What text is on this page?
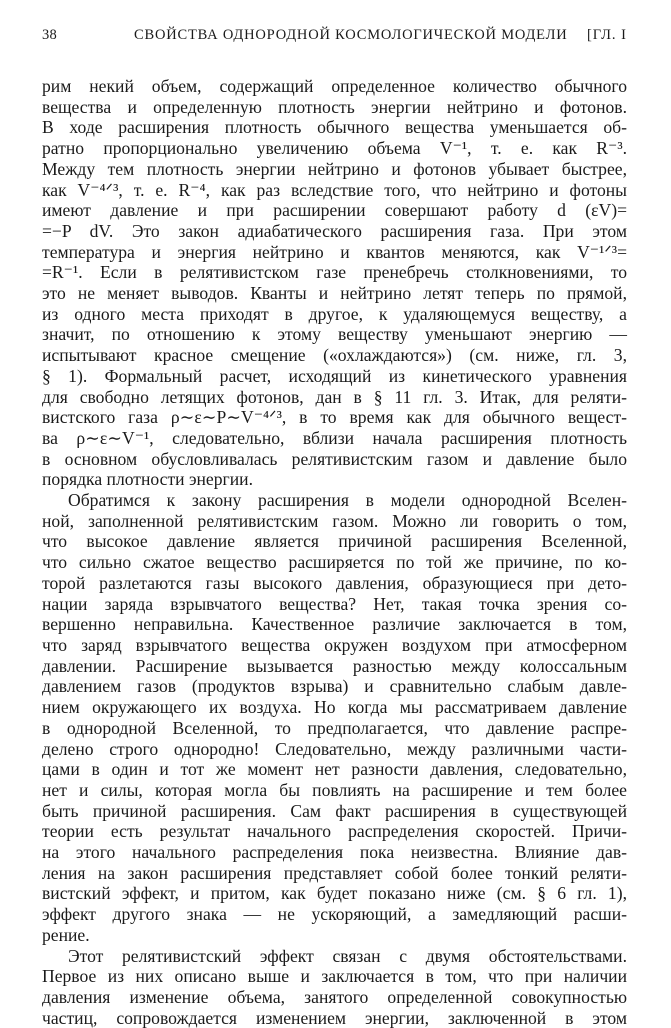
38	СВОЙСТВА ОДНОРОДНОЙ КОСМОЛОГИЧЕСКОЙ МОДЕЛИ [ГЛ. I
рим некий объем, содержащий определенное количество обычного
вещества и определенную плотность энергии нейтрино и фотонов.
В ходе расширения плотность обычного вещества уменьшается об-
ратно пропорционально увеличению объема V⁻¹, т. е. как R⁻³.
Между тем плотность энергии нейтрино и фотонов убывает быстрее,
как V⁻⁴ᐟ³, т. е. R⁻⁴, как раз вследствие того, что нейтрино и фотоны
имеют давление и при расширении совершают работу d (εV)=
=−P dV. Это закон адиабатического расширения газа. При этом
температура и энергия нейтрино и квантов меняются, как V⁻¹ᐟ³=
=R⁻¹. Если в релятивистском газе пренебречь столкновениями, то
это не меняет выводов. Кванты и нейтрино летят теперь по прямой,
из одного места приходят в другое, к удаляющемуся веществу, а
значит, по отношению к этому веществу уменьшают энергию —
испытывают красное смещение («охлаждаются») (см. ниже, гл. 3,
§ 1). Формальный расчет, исходящий из кинетического уравнения
для свободно летящих фотонов, дан в § 11 гл. 3. Итак, для реляти-
вистского газа ρ∼ε∼P∼V⁻⁴ᐟ³, в то время как для обычного вещест-
ва ρ∼ε∼V⁻¹, следовательно, вблизи начала расширения плотность
в основном обусловливалась релятивистским газом и давление было
порядка плотности энергии.
Обратимся к закону расширения в модели однородной Вселен-
ной, заполненной релятивистским газом. Можно ли говорить о том,
что высокое давление является причиной расширения Вселенной,
что сильно сжатое вещество расширяется по той же причине, по ко-
торой разлетаются газы высокого давления, образующиеся при дето-
нации заряда взрывчатого вещества? Нет, такая точка зрения со-
вершенно неправильна. Качественное различие заключается в том,
что заряд взрывчатого вещества окружен воздухом при атмосферном
давлении. Расширение вызывается разностью между колоссальным
давлением газов (продуктов взрыва) и сравнительно слабым давле-
нием окружающего их воздуха. Но когда мы рассматриваем давление
в однородной Вселенной, то предполагается, что давление распре-
делено строго однородно! Следовательно, между различными части-
цами в один и тот же момент нет разности давления, следовательно,
нет и силы, которая могла бы повлиять на расширение и тем более
быть причиной расширения. Сам факт расширения в существующей
теории есть результат начального распределения скоростей. Причи-
на этого начального распределения пока неизвестна. Влияние дав-
ления на закон расширения представляет собой более тонкий реляти-
вистский эффект, и притом, как будет показано ниже (см. § 6 гл. 1),
эффект другого знака — не ускоряющий, а замедляющий расши-
рение.
Этот релятивистский эффект связан с двумя обстоятельствами.
Первое из них описано выше и заключается в том, что при наличии
давления изменение объема, занятого определенной совокупностью
частиц, сопровождается изменением энергии, заключенной в этом
